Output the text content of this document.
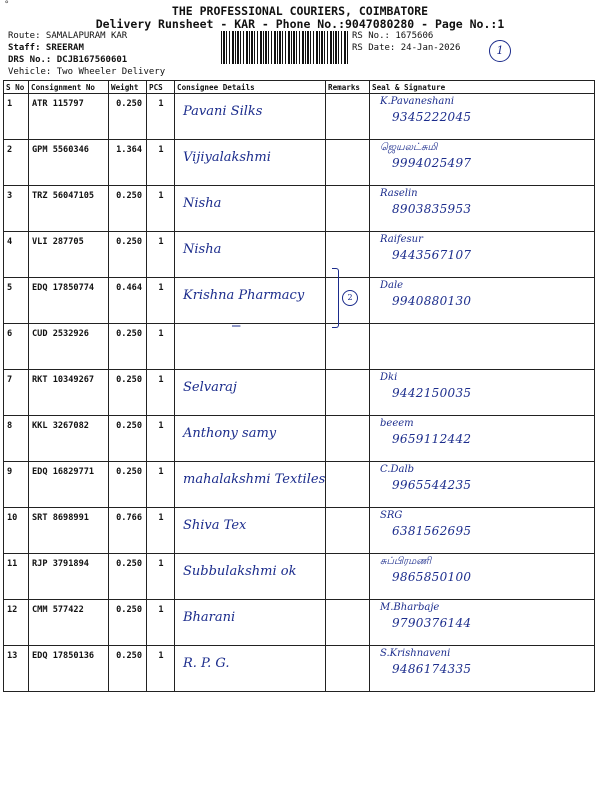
°	THE PROFESSIONAL COURIERS, COIMBATORE
Delivery Runsheet - KAR - Phone No.:9047080280 - Page No.:1
Route: SAMALAPURAM KAR
Staff: SREERAM
DRS No.: DCJB167560601
Vehicle: Two Wheeler Delivery
RS No.: 1675606
RS Date: 24-Jan-2026	1
S No	Consignment No	Weight	PCS	Consignee Details	Remarks	Seal & Signature
1	ATR 115797	0.250	1	Pavani Silks		K.Pavaneshani
9345222045

2	GPM 5560346	1.364	1	Vijiyalakshmi		ஜெயலட்சுமி
9994025497

3	TRZ 56047105	0.250	1	Nisha		Raselin
8903835953

4	VLI 287705	0.250	1	Nisha		Raifesur
9443567107

5	EDQ 17850774	0.464	1	Krishna Pharmacy		Dale
9940880130

6	CUD 2532926	0.250	1	

7	RKT 10349267	0.250	1	Selvaraj		Dki
9442150035

8	KKL 3267082	0.250	1	Anthony samy		beeem
9659112442

9	EDQ 16829771	0.250	1	mahalakshmi Textiles		C.Dalb
9965544235

10	SRT 8698991	0.766	1	Shiva Tex		SRG
6381562695

11	RJP 3791894	0.250	1	Subbulakshmi ok		சுப்பிரமணி
9865850100

12	CMM 577422	0.250	1	Bharani		M.Bharbaje
9790376144

13	EDQ 17850136	0.250	1	R. P. G.		S.Krishnaveni
9486174335
2
—
